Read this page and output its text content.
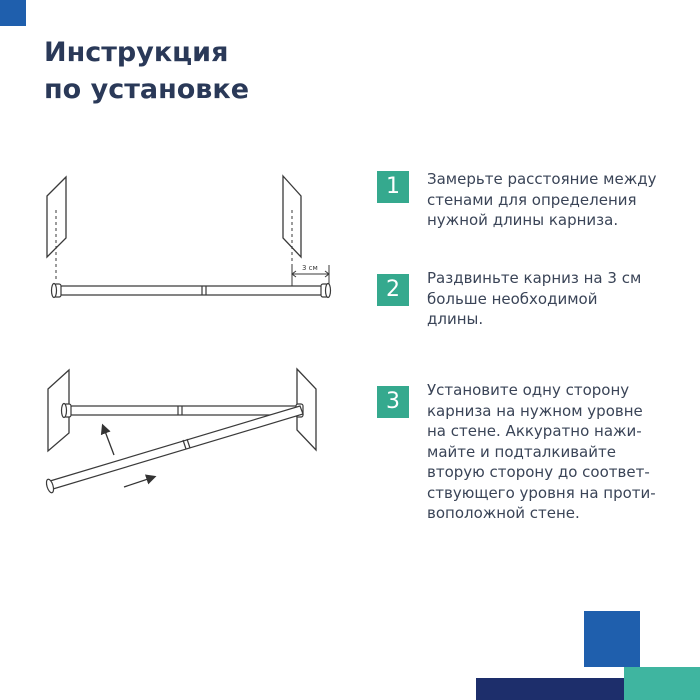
Инструкция
по установке
3 см
1	Замерьте расстояние между
стенами для определения
нужной длины карниза.
2	Раздвиньте карниз на 3 см
больше необходимой
длины.
3	Установите одну сторону
карниза на нужном уровне
на стене. Аккуратно нажи-
майте и подталкивайте
вторую сторону до соответ-
ствующего уровня на проти-
воположной стене.
